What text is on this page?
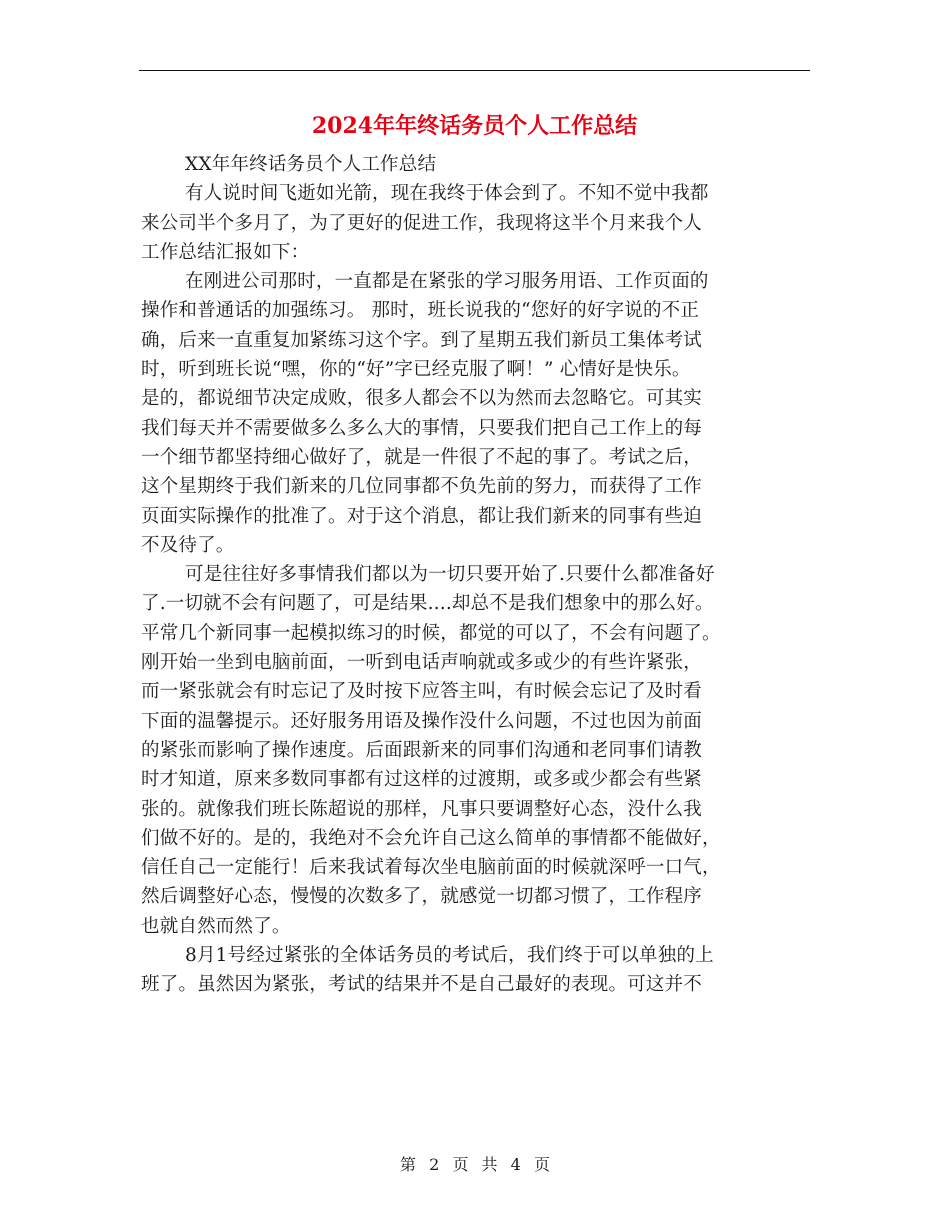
2024年年终话务员个人工作总结
XX年年终话务员个人工作总结
有人说时间飞逝如光箭，现在我终于体会到了。不知不觉中我都
来公司半个多月了，为了更好的促进工作，我现将这半个月来我个人
工作总结汇报如下：
在刚进公司那时，一直都是在紧张的学习服务用语、工作页面的
操作和普通话的加强练习。 那时，班长说我的“您好的好字说的不正
确，后来一直重复加紧练习这个字。到了星期五我们新员工集体考试
时，听到班长说“嘿，你的“好”字已经克服了啊！” 心情好是快乐。
是的，都说细节决定成败，很多人都会不以为然而去忽略它。可其实
我们每天并不需要做多么多么大的事情，只要我们把自己工作上的每
一个细节都坚持细心做好了，就是一件很了不起的事了。考试之后，
这个星期终于我们新来的几位同事都不负先前的努力，而获得了工作
页面实际操作的批准了。对于这个消息，都让我们新来的同事有些迫
不及待了。
可是往往好多事情我们都以为一切只要开始了.只要什么都准备好
了.一切就不会有问题了，可是结果....却总不是我们想象中的那么好。
平常几个新同事一起模拟练习的时候，都觉的可以了，不会有问题了。
刚开始一坐到电脑前面，一听到电话声响就或多或少的有些许紧张，
而一紧张就会有时忘记了及时按下应答主叫，有时候会忘记了及时看
下面的温馨提示。还好服务用语及操作没什么问题，不过也因为前面
的紧张而影响了操作速度。后面跟新来的同事们沟通和老同事们请教
时才知道，原来多数同事都有过这样的过渡期，或多或少都会有些紧
张的。就像我们班长陈超说的那样，凡事只要调整好心态，没什么我
们做不好的。是的，我绝对不会允许自己这么简单的事情都不能做好，
信任自己一定能行！后来我试着每次坐电脑前面的时候就深呼一口气，
然后调整好心态，慢慢的次数多了，就感觉一切都习惯了，工作程序
也就自然而然了。
8月1号经过紧张的全体话务员的考试后，我们终于可以单独的上
班了。虽然因为紧张，考试的结果并不是自己最好的表现。可这并不
第 2 页 共 4 页
